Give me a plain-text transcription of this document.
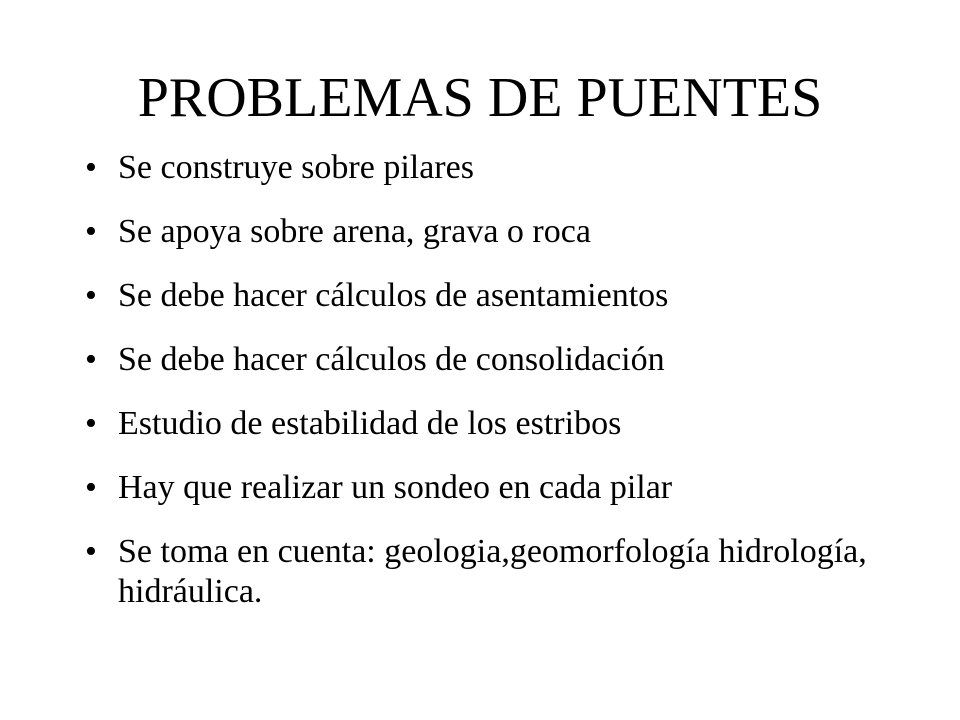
PROBLEMAS DE PUENTES
• Se construye sobre pilares
• Se apoya sobre arena, grava o roca
• Se debe hacer cálculos de asentamientos
• Se debe hacer cálculos de consolidación
• Estudio de estabilidad de los estribos
• Hay que realizar un sondeo en cada pilar
• Se toma en cuenta: geologia,geomorfología hidrología, hidráulica.
